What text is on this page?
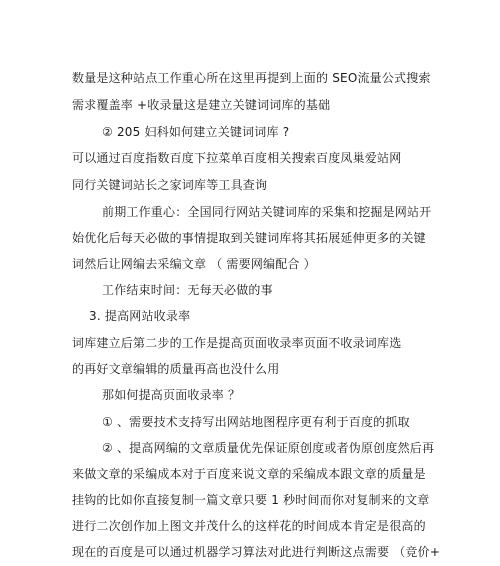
数量是这种站点工作重心所在这里再提到上面的 SEO流量公式搜索
需求覆盖率 +收录量这是建立关键词词库的基础
② 205 妇科如何建立关键词词库 ?
可以通过百度指数百度下拉菜单百度相关搜索百度凤巢爱站网
同行关键词站长之家词库等工具查询
前期工作重心：全国同行网站关键词库的采集和挖掘是网站开
始优化后每天必做的事情提取到关键词库将其拓展延伸更多的关键
词然后让网编去采编文章 （ 需要网编配合 ）
工作结束时间：无每天必做的事
3. 提高网站收录率
词库建立后第二步的工作是提高页面收录率页面不收录词库选
的再好文章编辑的质量再高也没什么用
那如何提高页面收录率 ？
① 、需要技术支持写出网站地图程序更有利于百度的抓取
② 、提高网编的文章质量优先保证原创度或者伪原创度然后再
来做文章的采编成本对于百度来说文章的采编成本跟文章的质量是
挂钩的比如你直接复制一篇文章只要 1 秒时间而你对复制来的文章
进行二次创作加上图文并茂什么的这样花的时间成本肯定是很高的
现在的百度是可以通过机器学习算法对此进行判断这点需要 （竞价+
